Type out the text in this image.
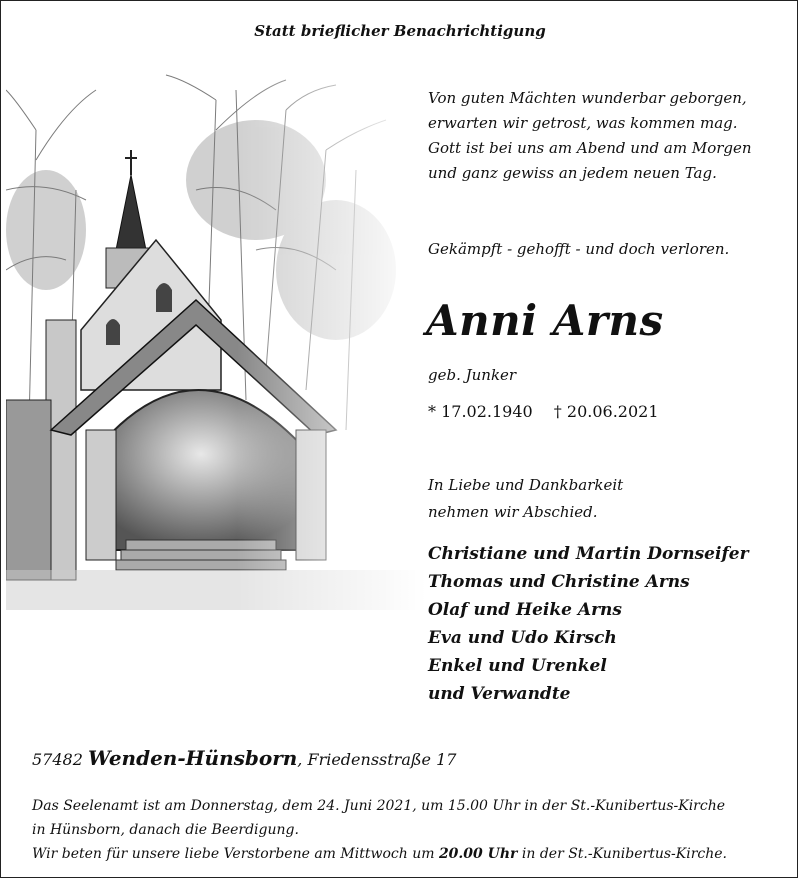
Statt brieflicher Benachrichtigung
Von guten Mächten wunderbar geborgen,
erwarten wir getrost, was kommen mag.
Gott ist bei uns am Abend und am Morgen
und ganz gewiss an jedem neuen Tag.
Gekämpft - gehofft - und doch verloren.
Anni Arns
geb. Junker
* 17.02.1940 † 20.06.2021
In Liebe und Dankbarkeit
nehmen wir Abschied.
Christiane und Martin Dornseifer
Thomas und Christine Arns
Olaf und Heike Arns
Eva und Udo Kirsch
Enkel und Urenkel
und Verwandte
57482 Wenden-Hünsborn, Friedensstraße 17
Das Seelenamt ist am Donnerstag, dem 24. Juni 2021, um 15.00 Uhr in der St.-Kunibertus-Kirche
in Hünsborn, danach die Beerdigung.
Wir beten für unsere liebe Verstorbene am Mittwoch um 20.00 Uhr in der St.-Kunibertus-Kirche.
